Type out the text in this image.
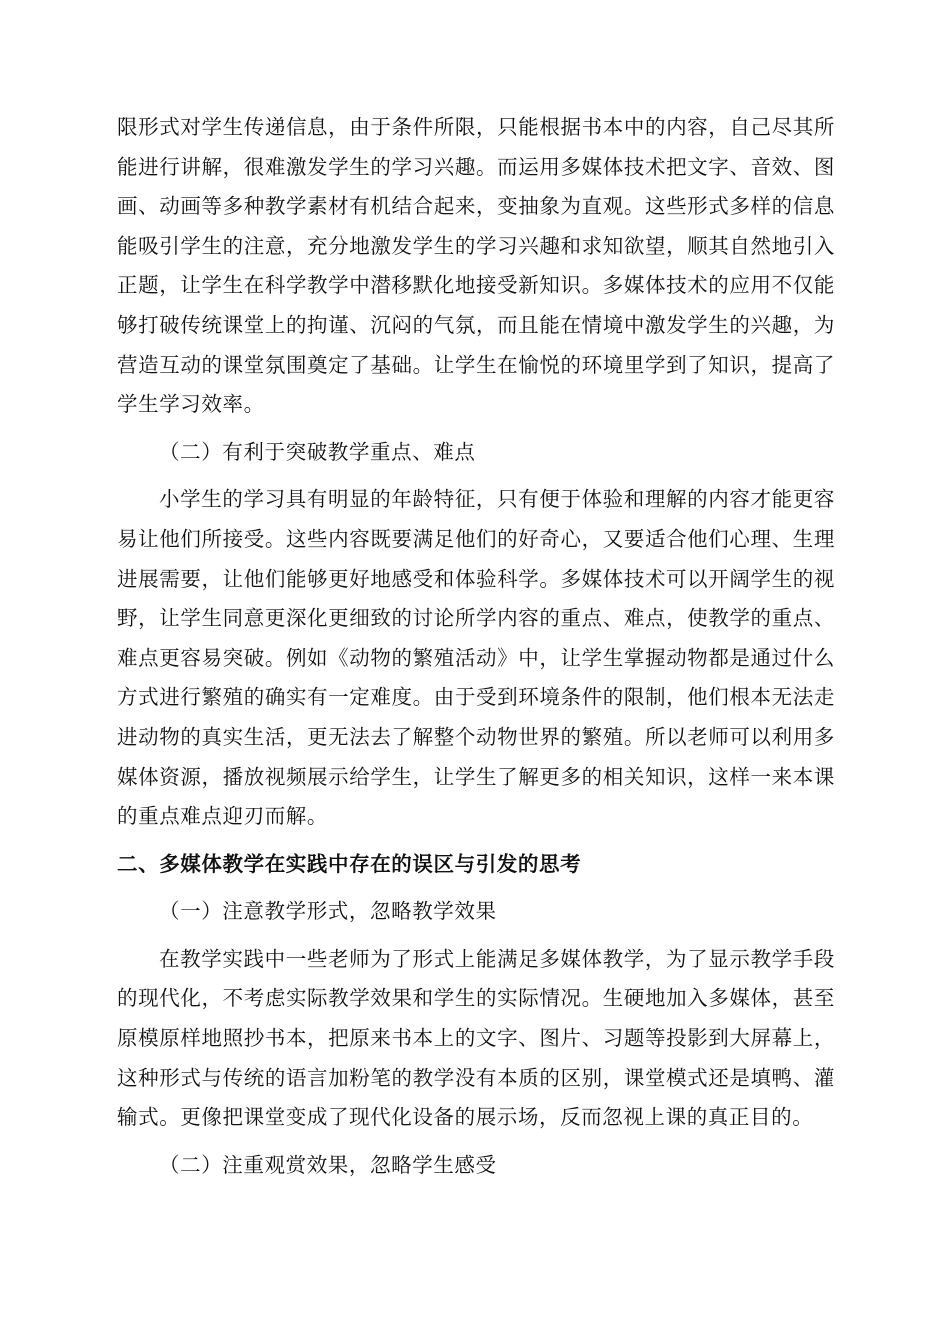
限形式对学生传递信息，由于条件所限，只能根据书本中的内容，自己尽其所能进行讲解，很难激发学生的学习兴趣。而运用多媒体技术把文字、音效、图画、动画等多种教学素材有机结合起来，变抽象为直观。这些形式多样的信息能吸引学生的注意，充分地激发学生的学习兴趣和求知欲望，顺其自然地引入正题，让学生在科学教学中潜移默化地接受新知识。多媒体技术的应用不仅能够打破传统课堂上的拘谨、沉闷的气氛，而且能在情境中激发学生的兴趣，为营造互动的课堂氛围奠定了基础。让学生在愉悦的环境里学到了知识，提高了学生学习效率。

（二）有利于突破教学重点、难点

小学生的学习具有明显的年龄特征，只有便于体验和理解的内容才能更容易让他们所接受。这些内容既要满足他们的好奇心，又要适合他们心理、生理进展需要，让他们能够更好地感受和体验科学。多媒体技术可以开阔学生的视野，让学生同意更深化更细致的讨论所学内容的重点、难点，使教学的重点、难点更容易突破。例如《动物的繁殖活动》中，让学生掌握动物都是通过什么方式进行繁殖的确实有一定难度。由于受到环境条件的限制，他们根本无法走进动物的真实生活，更无法去了解整个动物世界的繁殖。所以老师可以利用多媒体资源，播放视频展示给学生，让学生了解更多的相关知识，这样一来本课的重点难点迎刃而解。

二、多媒体教学在实践中存在的误区与引发的思考

（一）注意教学形式，忽略教学效果

在教学实践中一些老师为了形式上能满足多媒体教学，为了显示教学手段的现代化，不考虑实际教学效果和学生的实际情况。生硬地加入多媒体，甚至原模原样地照抄书本，把原来书本上的文字、图片、习题等投影到大屏幕上，这种形式与传统的语言加粉笔的教学没有本质的区别，课堂模式还是填鸭、灌输式。更像把课堂变成了现代化设备的展示场，反而忽视上课的真正目的。

（二）注重观赏效果，忽略学生感受
